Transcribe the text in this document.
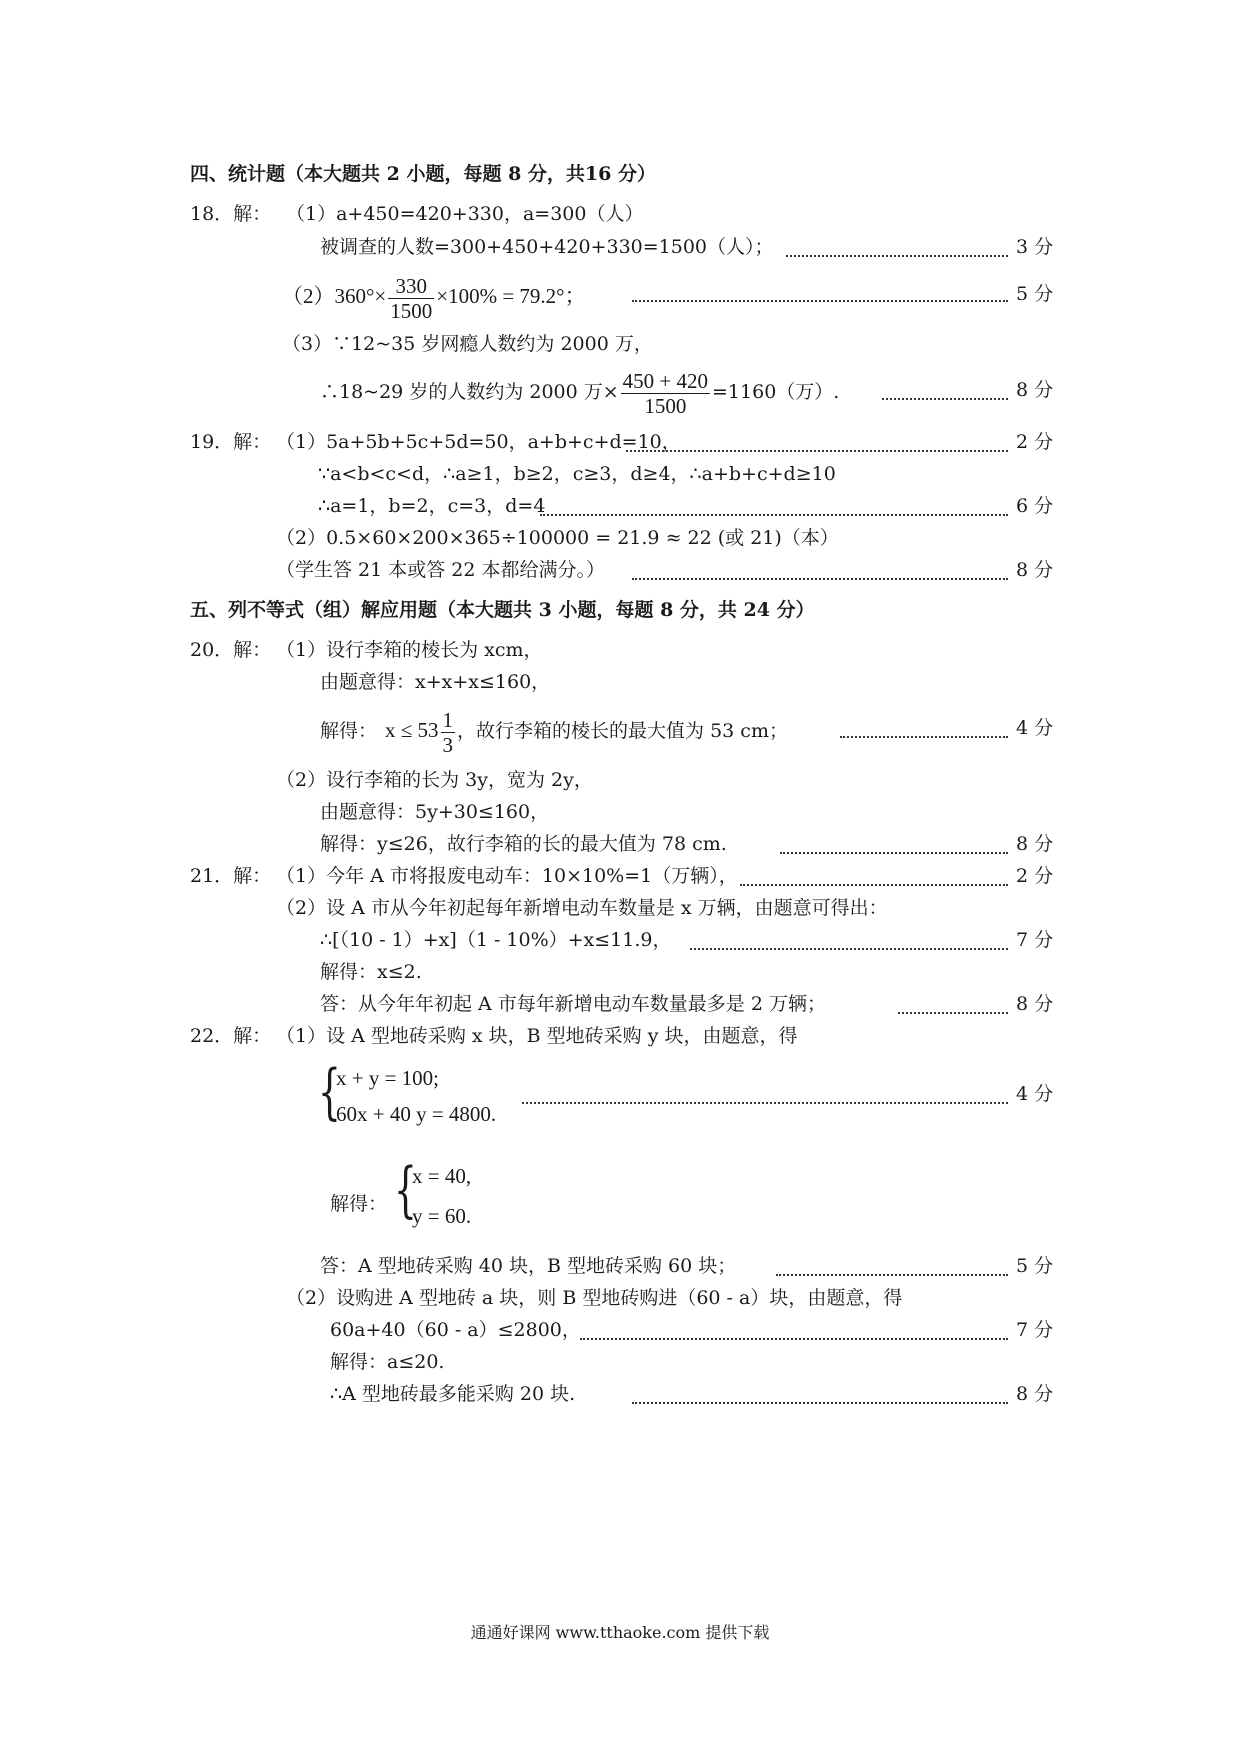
四、统计题（本大题共 2 小题，每题 8 分，共16 分）
18．解： （1）a+450=420+330，a=300（人）
被调查的人数=300+450+420+330=1500（人）；	3 分
$(2)360^\circ\times \frac{330}{1500} \times 100\% = 79.2^\circ$；	5 分
（3）∵12~35 岁网瘾人数约为 2000 万，
∴18~29 岁的人数约为 2000 万× $\frac{450 + 420}{1500} =1160$（万）.	8 分
19．解： （1）5a+5b+5c+5d=50，a+b+c+d=10，	2 分
∵a<b<c<d，∴a≥1，b≥2，c≥3，d≥4，∴a+b+c+d≥10
∴a=1，b=2，c=3，d=4	6 分
（2）0.5×60×200×365÷100000 = 21.9 ≈ 22 (或 21)（本）
（学生答 21 本或答 22 本都给满分。）	8 分
五、列不等式（组）解应用题（本大题共 3 小题，每题 8 分，共 24 分）
20．解： （1）设行李箱的棱长为 xcm，
由题意得：x+x+x≤160，
解得： $x \le 53 \frac{1}{3}$ ，故行李箱的棱长的最大值为 53 cm；	4 分
（2）设行李箱的长为 3y，宽为 2y，
由题意得：5y+30≤160，
解得：y≤26，故行李箱的长的最大值为 78 cm.	8 分
21．解： （1）今年 A 市将报废电动车：10×10%=1（万辆），	2 分
（2）设 A 市从今年初起每年新增电动车数量是 x 万辆，由题意可得出：
∴[（10 - 1）+x]（1 - 10%）+x≤11.9，	7 分
解得：x≤2.
答：从今年年初起 A 市每年新增电动车数量最多是 2 万辆；	8 分
22．解： （1）设 A 型地砖采购 x 块，B 型地砖采购 y 块，由题意，得
{
x + y = 100;
60x + 40 y = 4800.
4 分
解得： {
x = 40,
y = 60.
答：A 型地砖采购 40 块，B 型地砖采购 60 块；	5 分
（2）设购进 A 型地砖 a 块，则 B 型地砖购进（60 - a）块，由题意，得
60a+40（60 - a）≤2800，	7 分
解得：a≤20.
∴A 型地砖最多能采购 20 块.	8 分
通通好课网 www.tthaoke.com 提供下载
